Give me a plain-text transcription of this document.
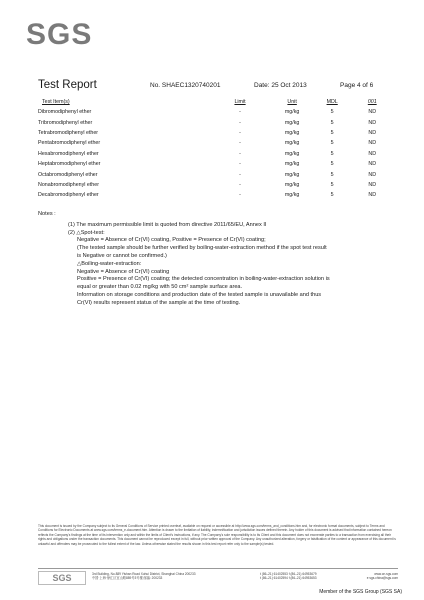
SGS
Test Report	No. SHAEC1320740201	Date: 25 Oct 2013	Page 4 of 6
Test Item(s)	Limit	Unit	MDL	001
Dibromodiphenyl ether	-	mg/kg	5	ND
Tribromodiphenyl ether	-	mg/kg	5	ND
Tetrabromodiphenyl ether	-	mg/kg	5	ND
Pentabromodiphenyl ether	-	mg/kg	5	ND
Hexabromodiphenyl ether	-	mg/kg	5	ND
Heptabromodiphenyl ether	-	mg/kg	5	ND
Octabromodiphenyl ether	-	mg/kg	5	ND
Nonabromodiphenyl ether	-	mg/kg	5	ND
Decabromodiphenyl ether	-	mg/kg	5	ND
Notes :
(1) The maximum permissible limit is quoted from directive 2011/65/EU, Annex II
(2) △Spot-test:
Negative = Absence of Cr(VI) coating, Positive = Presence of Cr(VI) coating;
(The tested sample should be further verified by boiling-water-extraction method if the spot test result
is Negative or cannot be confirmed.)
△Boiling-water-extraction:
Negative = Absence of Cr(VI) coating
Positive = Presence of Cr(VI) coating; the detected concentration in boiling-water-extraction solution is
equal or greater than 0.02 mg/kg with 50 cm² sample surface area.
Information on storage conditions and production date of the tested sample is unavailable and thus
Cr(VI) results represent status of the sample at the time of testing.
This document is issued by the Company subject to its General Conditions of Service printed overleaf, available on request or accessible at http://www.sgs.com/terms_and_conditions.htm and, for electronic format documents, subject to Terms and Conditions for Electronic Documents at www.sgs.com/terms_e-document.htm. Attention is drawn to the limitation of liability, indemnification and jurisdiction issues defined therein. Any holder of this document is advised that information contained hereon reflects the Company's findings at the time of its intervention only and within the limits of Client's instructions, if any. The Company's sole responsibility is to its Client and this document does not exonerate parties to a transaction from exercising all their rights and obligations under the transaction documents. This document cannot be reproduced except in full, without prior written approval of the Company. Any unauthorized alteration, forgery or falsification of the content or appearance of this document is unlawful and offenders may be prosecuted to the fullest extent of the law. Unless otherwise stated the results shown in this test report refer only to the sample(s) tested.
SGS	3rd Building, No.889 Yishan Road Xuhui District, Shanghai China 200233
中国·上海·徐汇区宜山路889号3号楼 邮编: 200233
t (86–21) 61402553 f (86–21) 64953679
t (86–21) 61402594 f (86–21) 64953653
www.cn.sgs.com
e sgs.china@sgs.com
Member of the SGS Group (SGS SA)
